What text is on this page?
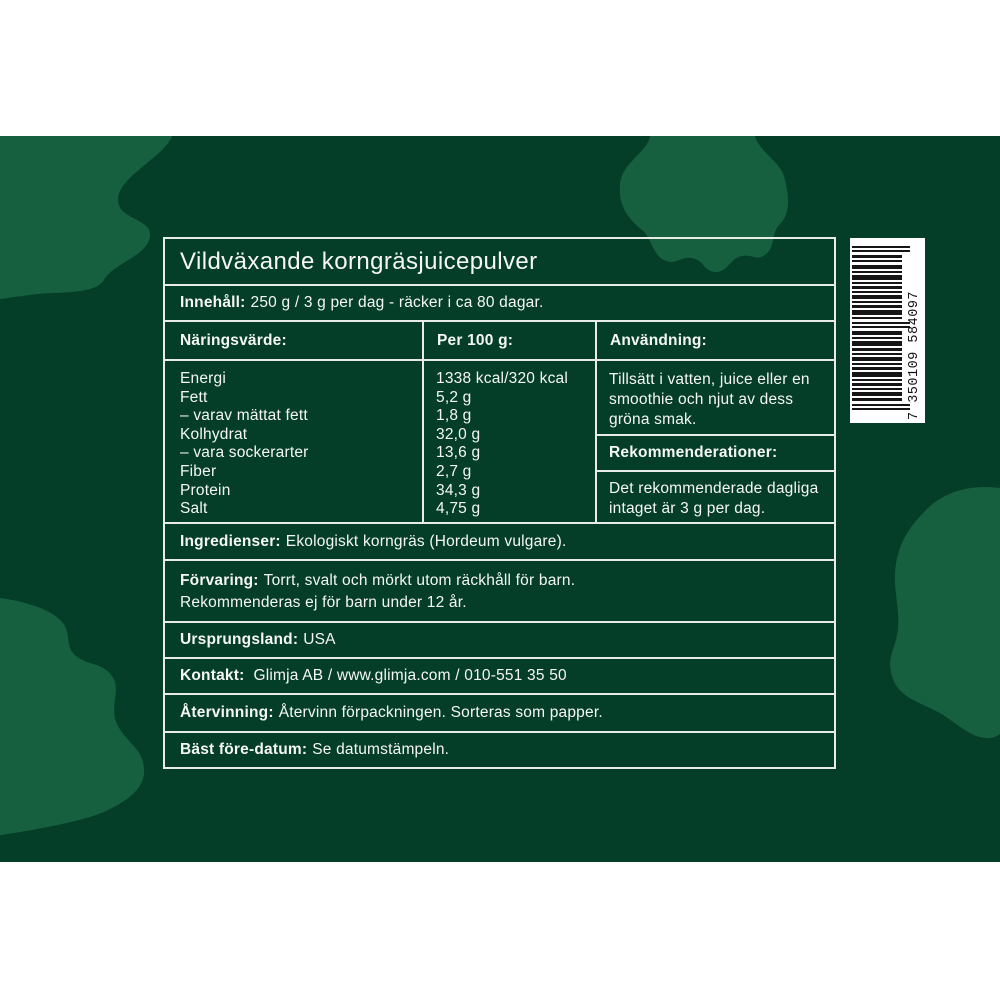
Vildväxande korngräsjuicepulver
Innehåll: 250 g / 3 g per dag - räcker i ca 80 dagar.
Näringsvärde:	Per 100 g:	Användning:
Energi
Fett
– varav mättat fett
Kolhydrat
– vara sockerarter
Fiber
Protein
Salt
1338 kcal/320 kcal
5,2 g
1,8 g
32,0 g
13,6 g
2,7 g
34,3 g
4,75 g
Tillsätt i vatten, juice eller en smoothie och njut av dess gröna smak.
Rekommenderationer:
Det rekommenderade dagliga intaget är 3 g per dag.
Ingredienser: Ekologiskt korngräs (Hordeum vulgare).
Förvaring: Torrt, svalt och mörkt utom räckhåll för barn.
Rekommenderas ej för barn under 12 år.
Ursprungsland: USA
Kontakt: Glimja AB / www.glimja.com / 010-551 35 50
Återvinning: Återvinn förpackningen. Sorteras som papper.
Bäst före-datum: Se datumstämpeln.
7 350109 584097
